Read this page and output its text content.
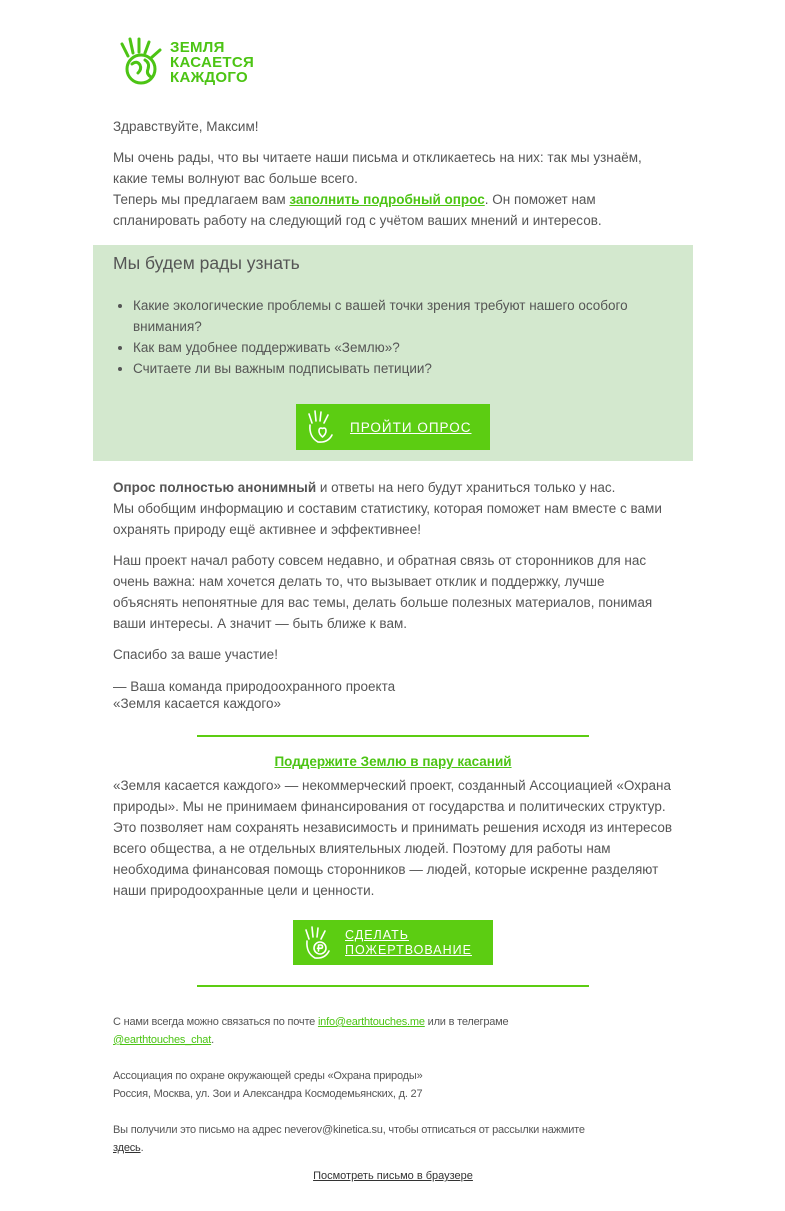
ЗЕМЛЯ
КАСАЕТСЯ
КАЖДОГО

Здравствуйте, Максим!

Мы очень рады, что вы читаете наши письма и откликаетесь на них: так мы узнаём, какие темы волнуют вас больше всего.

Теперь мы предлагаем вам заполнить подробный опрос. Он поможет нам спланировать работу на следующий год с учётом ваших мнений и интересов.

Мы будем рады узнать
• Какие экологические проблемы с вашей точки зрения требуют нашего особого внимания?
• Как вам удобнее поддерживать «Землю»?
• Считаете ли вы важным подписывать петиции?
ПРОЙТИ ОПРОС

Опрос полностью анонимный и ответы на него будут храниться только у нас.

Мы обобщим информацию и составим статистику, которая поможет нам вместе с вами охранять природу ещё активнее и эффективнее!

Наш проект начал работу совсем недавно, и обратная связь от сторонников для нас очень важна: нам хочется делать то, что вызывает отклик и поддержку, лучше объяснять непонятные для вас темы, делать больше полезных материалов, понимая ваши интересы. А значит — быть ближе к вам.

Спасибо за ваше участие!

— Ваша команда природоохранного проекта
«Земля касается каждого»
Поддержите Землю в пару касаний

«Земля касается каждого» — некоммерческий проект, созданный Ассоциацией «Охрана природы». Мы не принимаем финансирования от государства и политических структур. Это позволяет нам сохранять независимость и принимать решения исходя из интересов всего общества, а не отдельных влиятельных людей. Поэтому для работы нам необходима финансовая помощь сторонников — людей, которые искренне разделяют наши природоохранные цели и ценности.

СДЕЛАТЬ
ПОЖЕРТВОВАНИЕ
С нами всегда можно связаться по почте info@earthtouches.me или в телеграме
@earthtouches_chat.
Ассоциация по охране окружающей среды «Охрана природы»
Россия, Москва, ул. Зои и Александра Космодемьянских, д. 27
Вы получили это письмо на адрес neverov@kinetica.su, чтобы отписаться от рассылки нажмите
здесь.
Посмотреть письмо в браузере
